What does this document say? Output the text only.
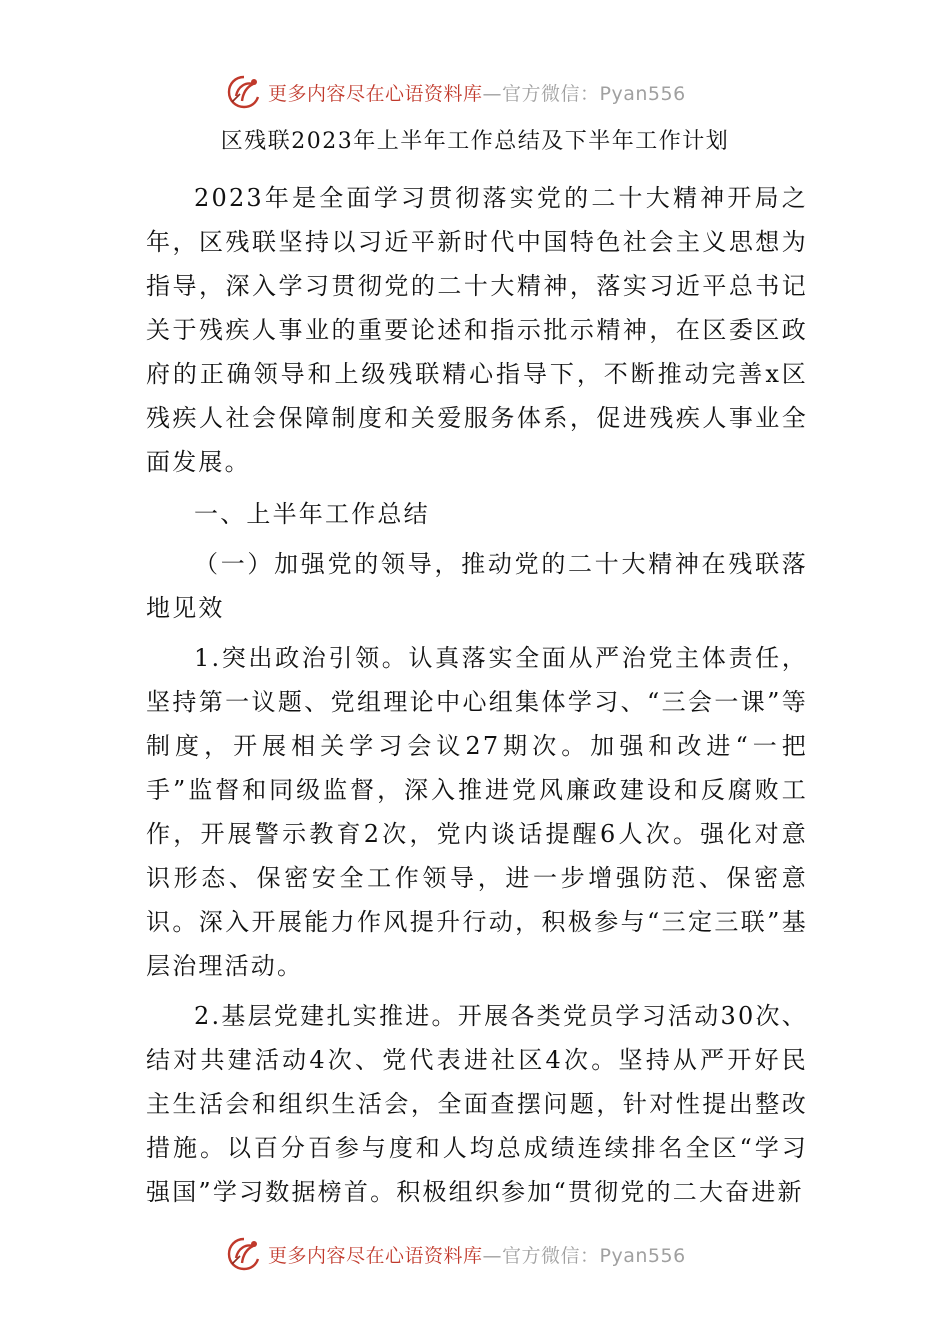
更多内容尽在心语资料库—官方微信：Pyan556
区残联2023年上半年工作总结及下半年工作计划

2023年是全面学习贯彻落实党的二十大精神开局之年，区残联坚持以习近平新时代中国特色社会主义思想为指导，深入学习贯彻党的二十大精神，落实习近平总书记关于残疾人事业的重要论述和指示批示精神，在区委区政府的正确领导和上级残联精心指导下，不断推动完善x区残疾人社会保障制度和关爱服务体系，促进残疾人事业全面发展。

一、上半年工作总结

（一）加强党的领导，推动党的二十大精神在残联落地见效

1.突出政治引领。认真落实全面从严治党主体责任，坚持第一议题、党组理论中心组集体学习、“三会一课”等制度，开展相关学习会议27期次。加强和改进“一把手”监督和同级监督，深入推进党风廉政建设和反腐败工作，开展警示教育2次，党内谈话提醒6人次。强化对意识形态、保密安全工作领导，进一步增强防范、保密意识。深入开展能力作风提升行动，积极参与“三定三联”基层治理活动。

2.基层党建扎实推进。开展各类党员学习活动30次、结对共建活动4次、党代表进社区4次。坚持从严开好民主生活会和组织生活会，全面查摆问题，针对性提出整改措施。以百分百参与度和人均总成绩连续排名全区“学习强国”学习数据榜首。积极组织参加“贯彻党的二大奋进新

更多内容尽在心语资料库—官方微信：Pyan556
